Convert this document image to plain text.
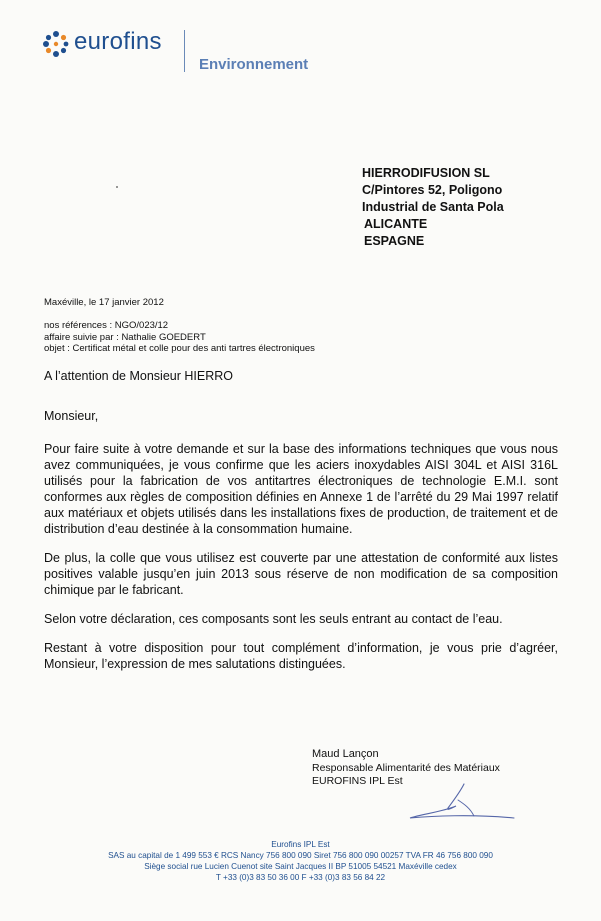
eurofins
Environnement
HIERRODIFUSION SL
C/Pintores 52, Poligono
Industrial de Santa Pola
ALICANTE
ESPAGNE
Maxéville, le 17 janvier 2012
nos références : NGO/023/12
affaire suivie par : Nathalie GOEDERT
objet : Certificat métal et colle pour des anti tartres électroniques
A l’attention de Monsieur HIERRO
Monsieur,

Pour faire suite à votre demande et sur la base des informations techniques que vous nous avez communiquées, je vous confirme que les aciers inoxydables AISI 304L et AISI 316L utilisés pour la fabrication de vos antitartres électroniques de technologie E.M.I. sont conformes aux règles de composition définies en Annexe 1 de l’arrêté du 29 Mai 1997 relatif aux matériaux et objets utilisés dans les installations fixes de production, de traitement et de distribution d’eau destinée à la consommation humaine.

De plus, la colle que vous utilisez est couverte par une attestation de conformité aux listes positives valable jusqu’en juin 2013 sous réserve de non modification de sa composition chimique par le fabricant.

Selon votre déclaration, ces composants sont les seuls entrant au contact de l’eau.

Restant à votre disposition pour tout complément d’information, je vous prie d’agréer, Monsieur, l’expression de mes salutations distinguées.

Maud Lançon
Responsable Alimentarité des Matériaux
EUROFINS IPL Est
Eurofins IPL Est
SAS au capital de 1 499 553 € RCS Nancy 756 800 090 Siret 756 800 090 00257 TVA FR 46 756 800 090
Siège social rue Lucien Cuenot site Saint Jacques II BP 51005 54521 Maxéville cedex
T +33 (0)3 83 50 36 00 F +33 (0)3 83 56 84 22
